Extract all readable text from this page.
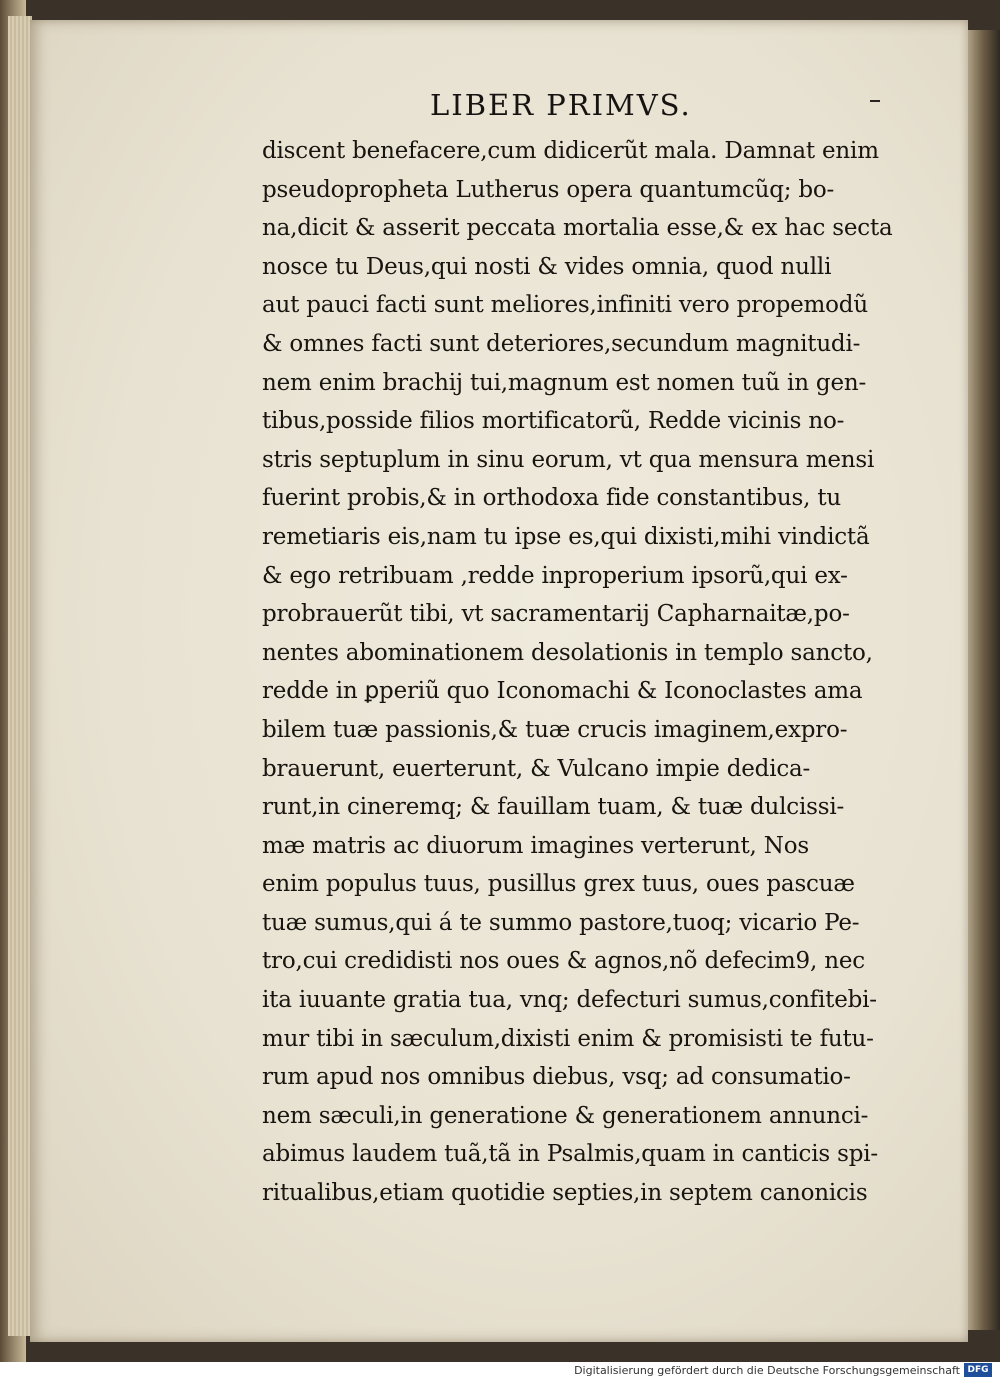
LIBER PRIMVS.
discent benefacere,cum didicerũt mala. Damnat enim
pseudopropheta Lutherus opera quantumcũq; bo-
na,dicit & asserit peccata mortalia esse,& ex hac secta
nosce tu Deus,qui nosti & vides omnia, quod nulli
aut pauci facti sunt meliores,infiniti vero propemodũ
& omnes facti sunt deteriores,secundum magnitudi-
nem enim brachij tui,magnum est nomen tuũ in gen-
tibus,posside filios mortificatorũ, Redde vicinis no-
stris septuplum in sinu eorum, vt qua mensura mensi
fuerint probis,& in orthodoxa fide constantibus, tu
remetiaris eis,nam tu ipse es,qui dixisti,mihi vindictã
& ego retribuam ,redde inproperium ipsorũ,qui ex-
probrauerũt tibi, vt sacramentarij Capharnaitæ,po-
nentes abominationem desolationis in templo sancto,
redde in ꝑperiũ quo Iconomachi & Iconoclastes ama
bilem tuæ passionis,& tuæ crucis imaginem,expro-
brauerunt, euerterunt, & Vulcano impie dedica-
runt,in cineremq; & fauillam tuam, & tuæ dulcissi-
mæ matris ac diuorum imagines verterunt, Nos
enim populus tuus, pusillus grex tuus, oues pascuæ
tuæ sumus,qui á te summo pastore,tuoq; vicario Pe-
tro,cui credidisti nos oues & agnos,nõ defecim9, nec
ita iuuante gratia tua, vnq; defecturi sumus,confitebi-
mur tibi in sæculum,dixisti enim & promisisti te futu-
rum apud nos omnibus diebus, vsq; ad consumatio-
nem sæculi,in generatione & generationem annunci-
abimus laudem tuã,tã in Psalmis,quam in canticis spi-
ritualibus,etiam quotidie septies,in septem canonicis
Digitalisierung gefördert durch die Deutsche Forschungsgemeinschaft DFG
